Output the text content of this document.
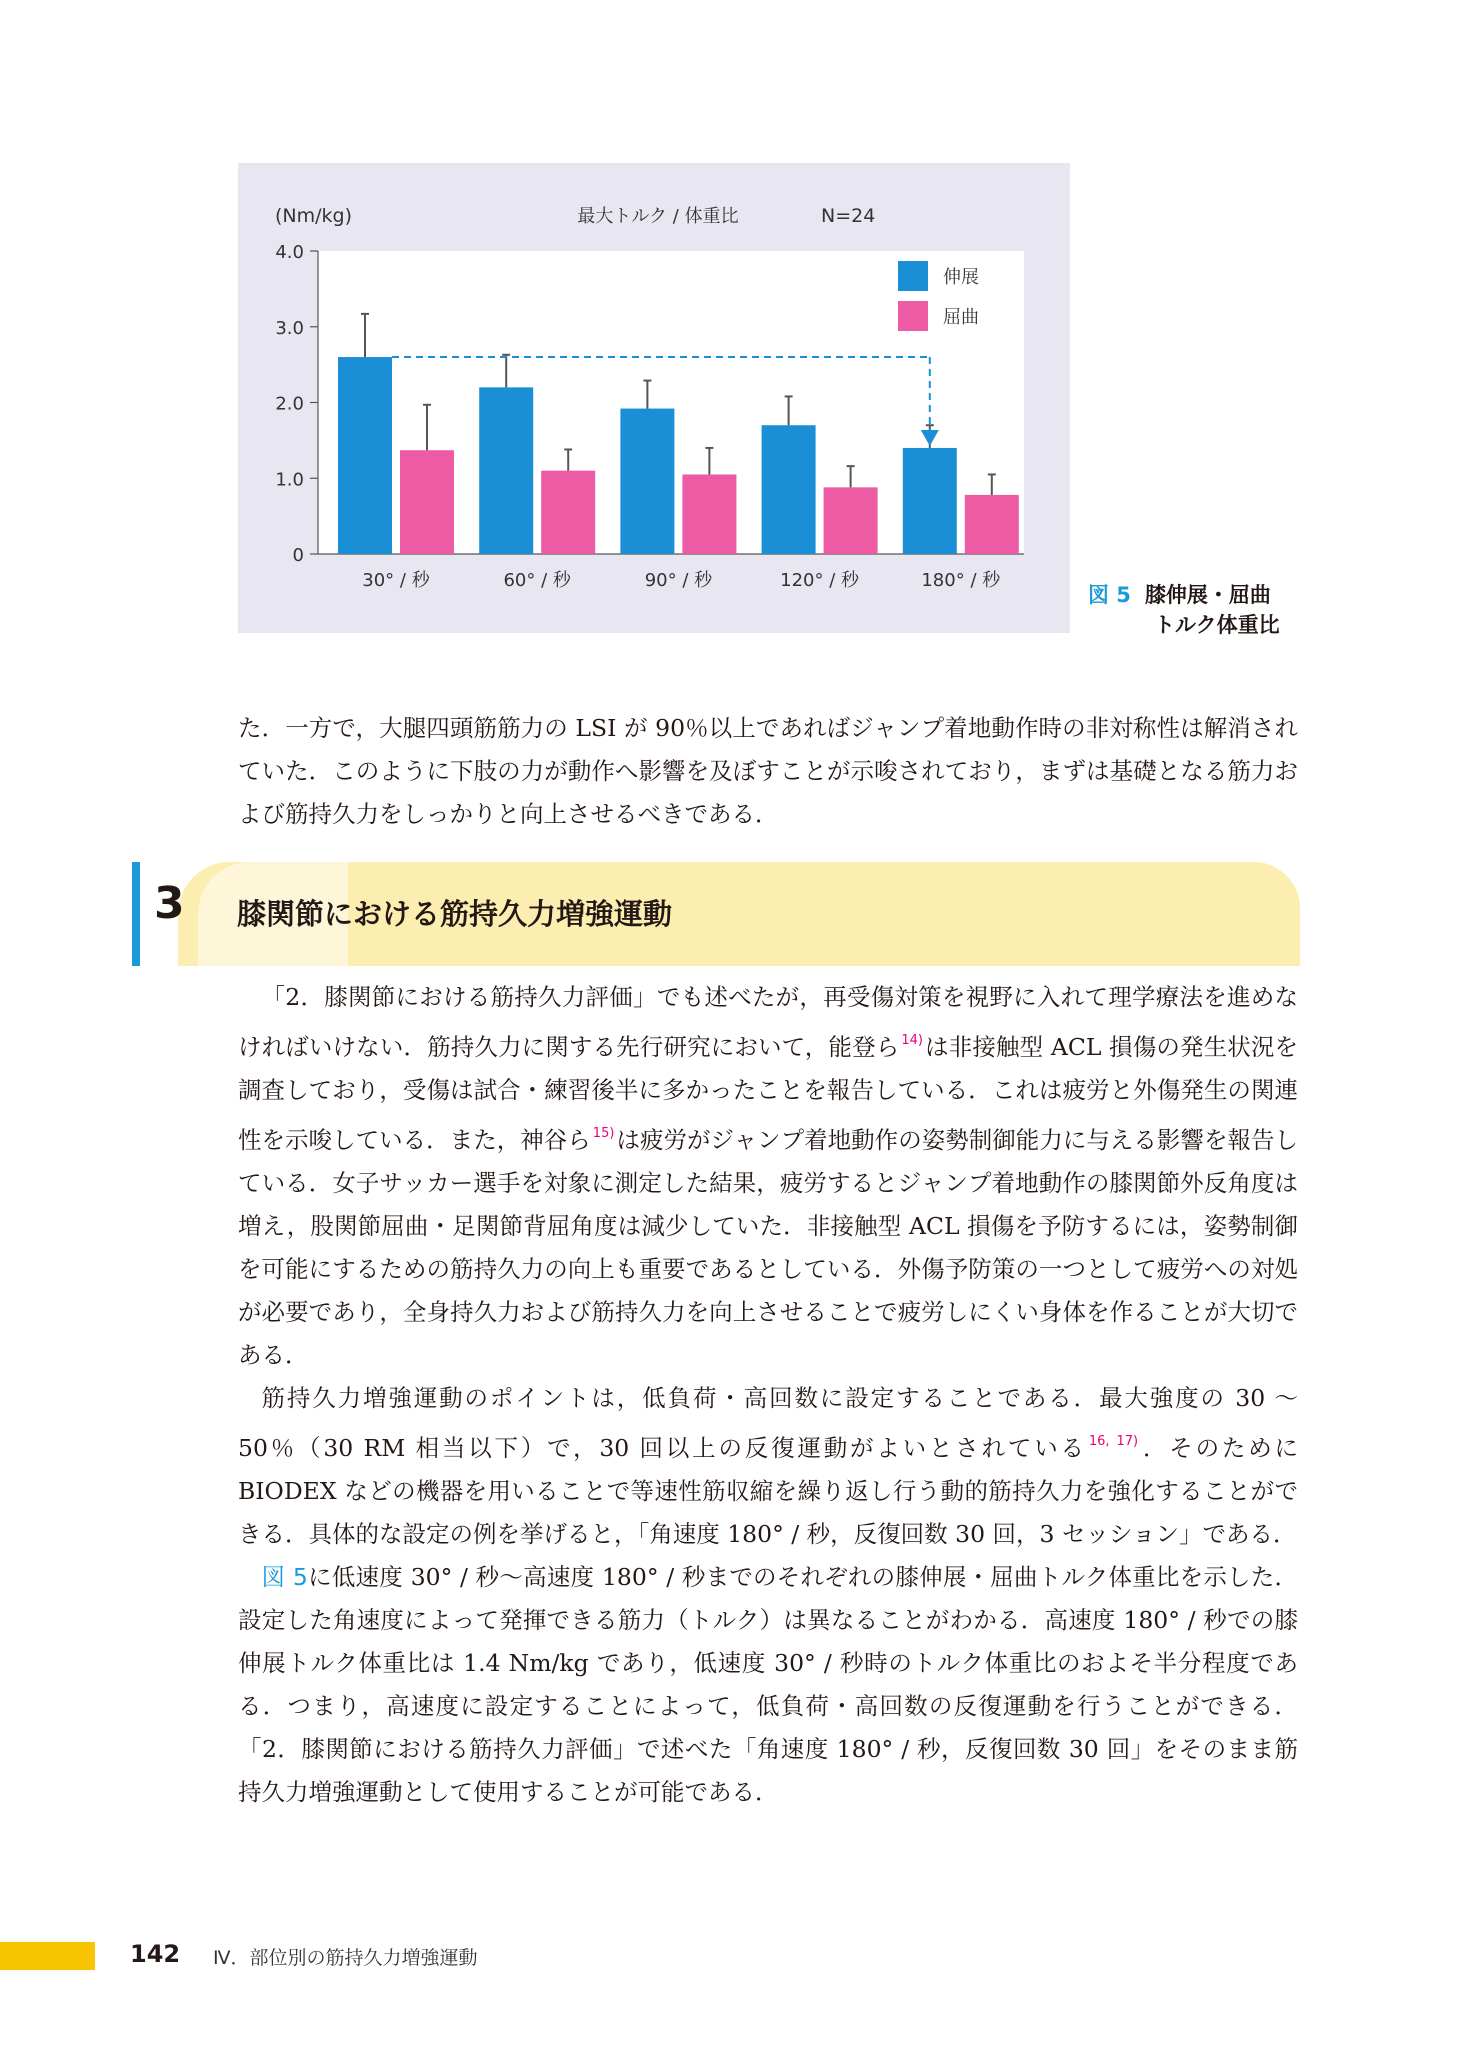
(Nm/kg)	最大トルク / 体重比	N=24
0
1.0
2.0
3.0
4.0
30° / 秒	60° / 秒	90° / 秒	120° / 秒	180° / 秒
伸展
屈曲
図 5 膝伸展・屈曲
トルク体重比

た．一方で，大腿四頭筋筋力の LSI が 90％以上であればジャンプ着地動作時の非対称性は解消されていた．このように下肢の力が動作へ影響を及ぼすことが示唆されており，まずは基礎となる筋力および筋持久力をしっかりと向上させるべきである．

3 膝関節における筋持久力増強運動

「2．膝関節における筋持久力評価」でも述べたが，再受傷対策を視野に入れて理学療法を進めなければいけない．筋持久力に関する先行研究において，能登ら $^{14)}$は非接触型 ACL 損傷の発生状況を調査しており，受傷は試合・練習後半に多かったことを報告している．これは疲労と外傷発生の関連性を示唆している．また，神谷ら $^{15)}$は疲労がジャンプ着地動作の姿勢制御能力に与える影響を報告している．女子サッカー選手を対象に測定した結果，疲労するとジャンプ着地動作の膝関節外反角度は増え，股関節屈曲・足関節背屈角度は減少していた．非接触型 ACL 損傷を予防するには，姿勢制御を可能にするための筋持久力の向上も重要であるとしている．外傷予防策の一つとして疲労への対処が必要であり，全身持久力および筋持久力を向上させることで疲労しにくい身体を作ることが大切である．

筋持久力増強運動のポイントは，低負荷・高回数に設定することである．最大強度の 30 ～ 50％（30 RM 相当以下）で，30 回以上の反復運動がよいとされている $^{16, 17)}$．そのために BIODEX などの機器を用いることで等速性筋収縮を繰り返し行う動的筋持久力を強化することができる．具体的な設定の例を挙げると，「角速度 180° / 秒，反復回数 30 回，3 セッション」である．

図 5に低速度 30° / 秒～高速度 180° / 秒までのそれぞれの膝伸展・屈曲トルク体重比を示した．設定した角速度によって発揮できる筋力（トルク）は異なることがわかる．高速度 180° / 秒での膝伸展トルク体重比は 1.4 Nm/kg であり，低速度 30° / 秒時のトルク体重比のおよそ半分程度である．つまり，高速度に設定することによって，低負荷・高回数の反復運動を行うことができる．「2．膝関節における筋持久力評価」で述べた「角速度 180° / 秒，反復回数 30 回」をそのまま筋持久力増強運動として使用することが可能である．

142 Ⅳ．部位別の筋持久力増強運動
